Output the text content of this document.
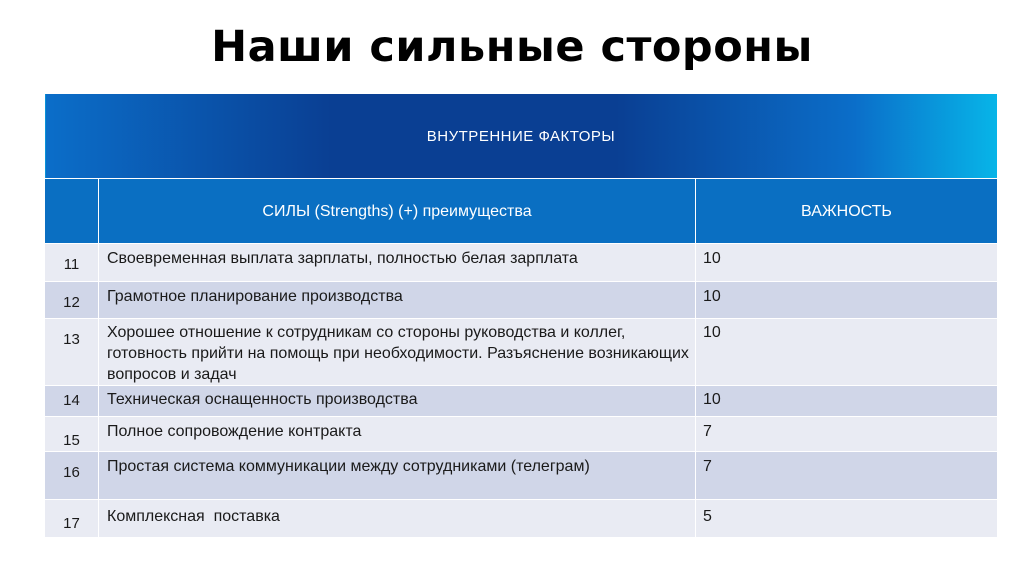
Наши сильные стороны
ВНУТРЕННИЕ ФАКТОРЫ		
	СИЛЫ (Strengths) (+) преимущества	ВАЖНОСТЬ
11	Своевременная выплата зарплаты, полностью белая зарплата	10
12	Грамотное планирование производства	10
13	Хорошее отношение к сотрудникам со стороны руководства и коллег, готовность прийти на помощь при необходимости. Разъяснение возникающих вопросов и задач	10
14	Техническая оснащенность производства	10
15	Полное сопровождение контракта	7
16	Простая система коммуникации между сотрудниками (телеграм)	7
17	Комплексная  поставка	5
